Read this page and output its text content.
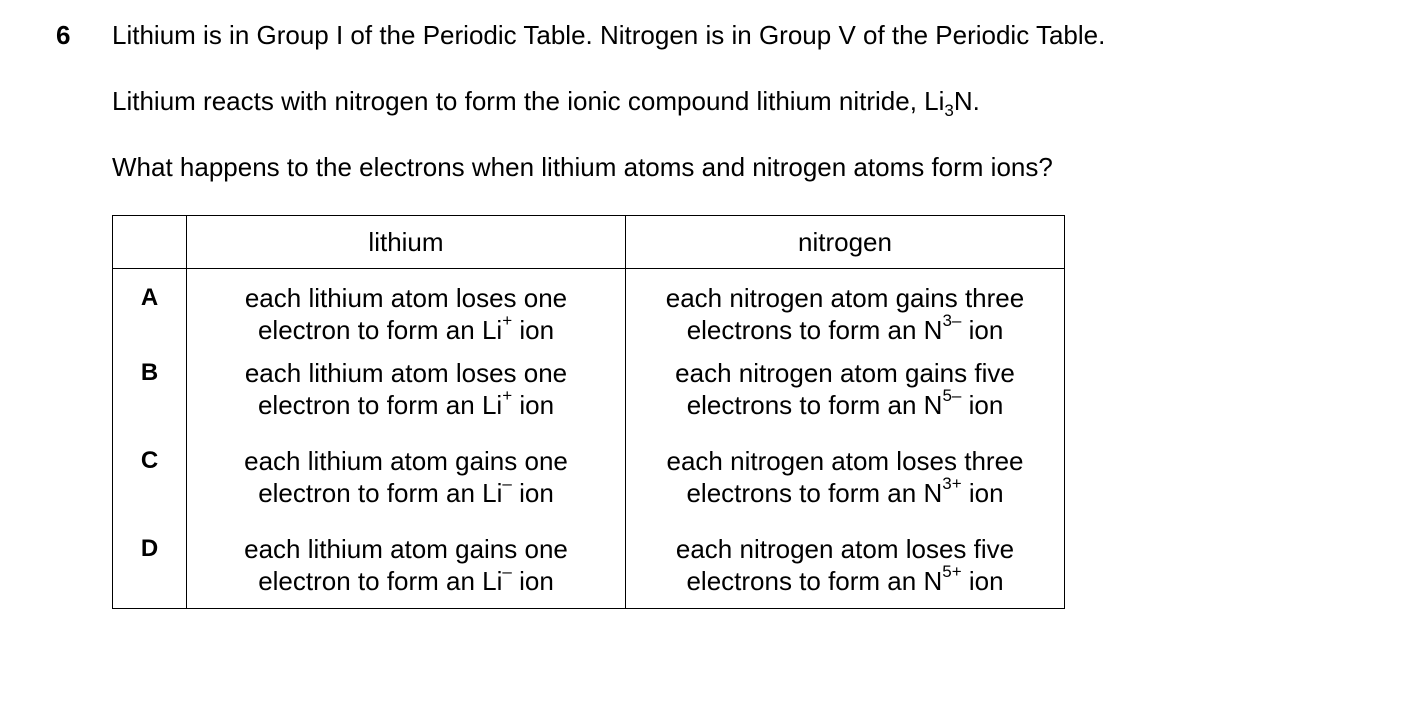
6 Lithium is in Group I of the Periodic Table. Nitrogen is in Group V of the Periodic Table.
Lithium reacts with nitrogen to form the ionic compound lithium nitride, $Li_3N$.
What happens to the electrons when lithium atoms and nitrogen atoms form ions?
	lithium	nitrogen
A	each lithium atom loses one
electron to form an Li+ ion	each nitrogen atom gains three
electrons to form an $N^{3-}$ ion
B	each lithium atom loses one
electron to form an Li+ ion	each nitrogen atom gains five
electrons to form an $N^{5-}$ ion
C	each lithium atom gains one
electron to form an Li– ion	each nitrogen atom loses three
electrons to form an $N^{3+}$ ion
D	each lithium atom gains one
electron to form an Li– ion	each nitrogen atom loses five
electrons to form an $N^{5+}$ ion
